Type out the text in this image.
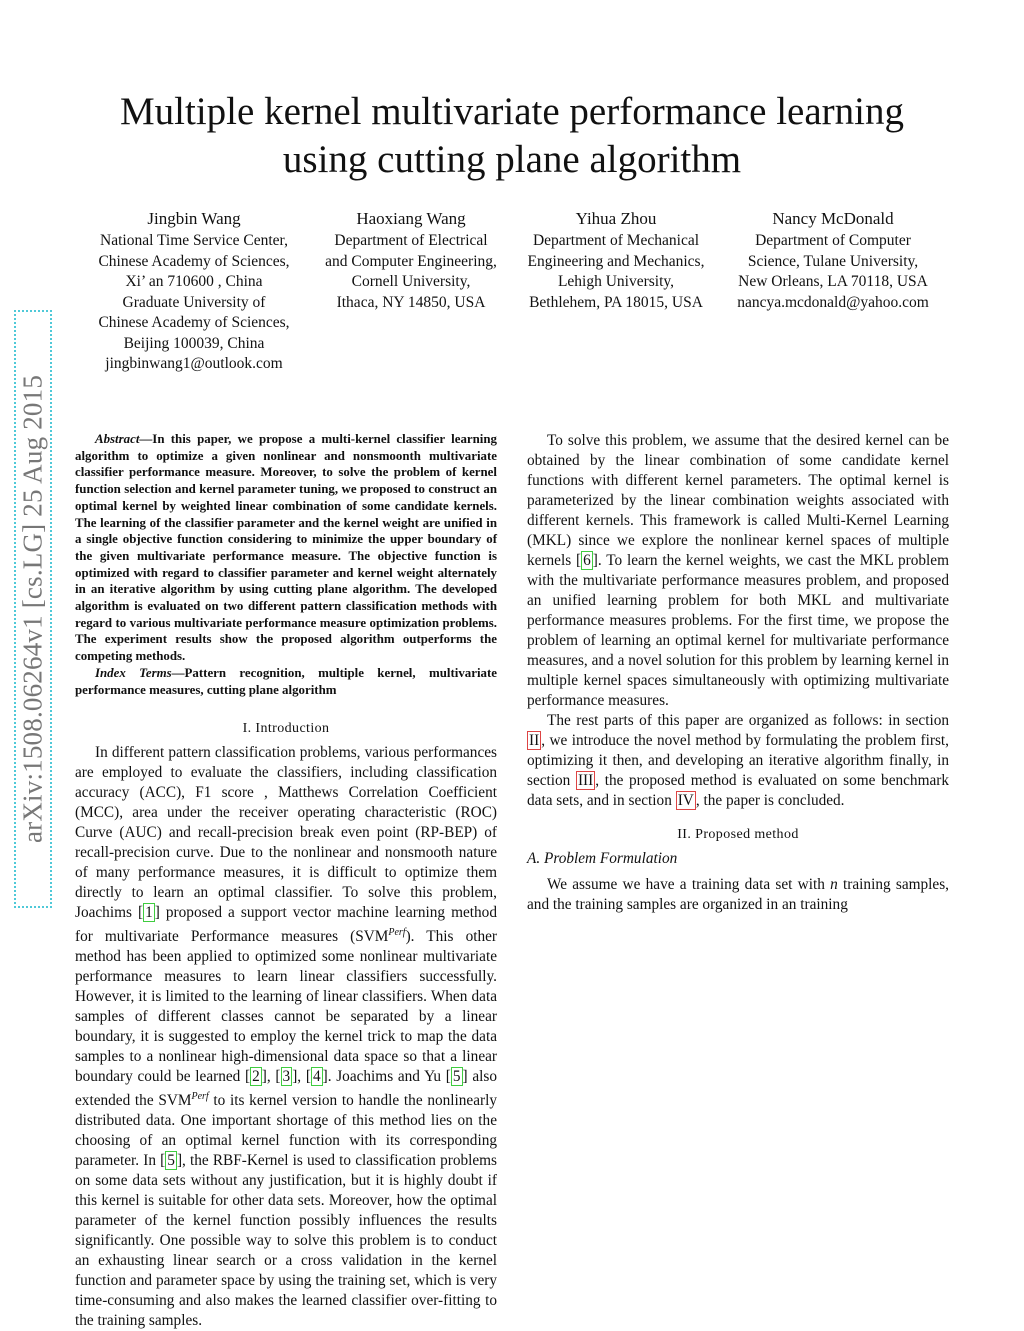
Multiple kernel multivariate performance learning
using cutting plane algorithm
Jingbin Wang
National Time Service Center,
Chinese Academy of Sciences,
Xi’ an 710600 , China
Graduate University of
Chinese Academy of Sciences,
Beijing 100039, China
jingbinwang1@outlook.com
Haoxiang Wang
Department of Electrical
and Computer Engineering,
Cornell University,
Ithaca, NY 14850, USA
Yihua Zhou
Department of Mechanical
Engineering and Mechanics,
Lehigh University,
Bethlehem, PA 18015, USA
Nancy McDonald
Department of Computer
Science, Tulane University,
New Orleans, LA 70118, USA
nancya.mcdonald@yahoo.com
arXiv:1508.06264v1 [cs.LG] 25 Aug 2015	Abstract—In this paper, we propose a multi-kernel classifier learning algorithm to optimize a given nonlinear and nonsmoonth multivariate classifier performance measure. Moreover, to solve the problem of kernel function selection and kernel parameter tuning, we proposed to construct an optimal kernel by weighted linear combination of some candidate kernels. The learning of the classifier parameter and the kernel weight are unified in a single objective function considering to minimize the upper boundary of the given multivariate performance measure. The objective function is optimized with regard to classifier parameter and kernel weight alternately in an iterative algorithm by using cutting plane algorithm. The developed algorithm is evaluated on two different pattern classification methods with regard to various multivariate performance measure optimization problems. The experiment results show the proposed algorithm outperforms the competing methods.

Index Terms—Pattern recognition, multiple kernel, multivariate performance measures, cutting plane algorithm

I. Introduction

In different pattern classification problems, various performances are employed to evaluate the classifiers, including classification accuracy (ACC), F1 score , Matthews Correlation Coefficient (MCC), area under the receiver operating characteristic (ROC) Curve (AUC) and recall-precision break even point (RP-BEP) of recall-precision curve. Due to the nonlinear and nonsmooth nature of many performance measures, it is difficult to optimize them directly to learn an optimal classifier. To solve this problem, Joachims [ 1 ] proposed a support vector machine learning method for multivariate Performance measures $(SVM^{Perf})$. This other method has been applied to optimized some nonlinear multivariate performance measures to learn linear classifiers successfully. However, it is limited to the learning of linear classifiers. When data samples of different classes cannot be separated by a linear boundary, it is suggested to employ the kernel trick to map the data samples to a nonlinear high-dimensional data space so that a linear boundary could be learned [ 2 ], [ 3 ], [ 4 ]. Joachims and Yu [ 5 ] also extended the $SVM^{Perf}$ to its kernel version to handle the nonlinearly distributed data. One important shortage of this method lies on the choosing of an optimal kernel function with its corresponding parameter. In [ 5 ], the RBF-Kernel is used to classification problems on some data sets without any justification, but it is highly doubt if this kernel is suitable for other data sets. Moreover, how the optimal parameter of the kernel function possibly influences the results significantly. One possible way to solve this problem is to conduct an exhausting linear search or a cross validation in the kernel function and parameter space by using the training set, which is very time-consuming and also makes the learned classifier over-fitting to the training samples.

To solve this problem, we assume that the desired kernel can be obtained by the linear combination of some candidate kernel functions with different kernel parameters. The optimal kernel is parameterized by the linear combination weights associated with different kernels. This framework is called Multi-Kernel Learning (MKL) since we explore the nonlinear kernel spaces of multiple kernels [ 6 ]. To learn the kernel weights, we cast the MKL problem with the multivariate performance measures problem, and proposed an unified learning problem for both MKL and multivariate performance measures problems. For the first time, we propose the problem of learning an optimal kernel for multivariate performance measures, and a novel solution for this problem by learning kernel in multiple kernel spaces simultaneously with optimizing multivariate performance measures.

The rest parts of this paper are organized as follows: in section II , we introduce the novel method by formulating the problem first, optimizing it then, and developing an iterative algorithm finally, in section III , the proposed method is evaluated on some benchmark data sets, and in section IV , the paper is concluded.

II. Proposed method
A. Problem Formulation

We assume we have a training data set with n training samples, and the training samples are organized in an training
